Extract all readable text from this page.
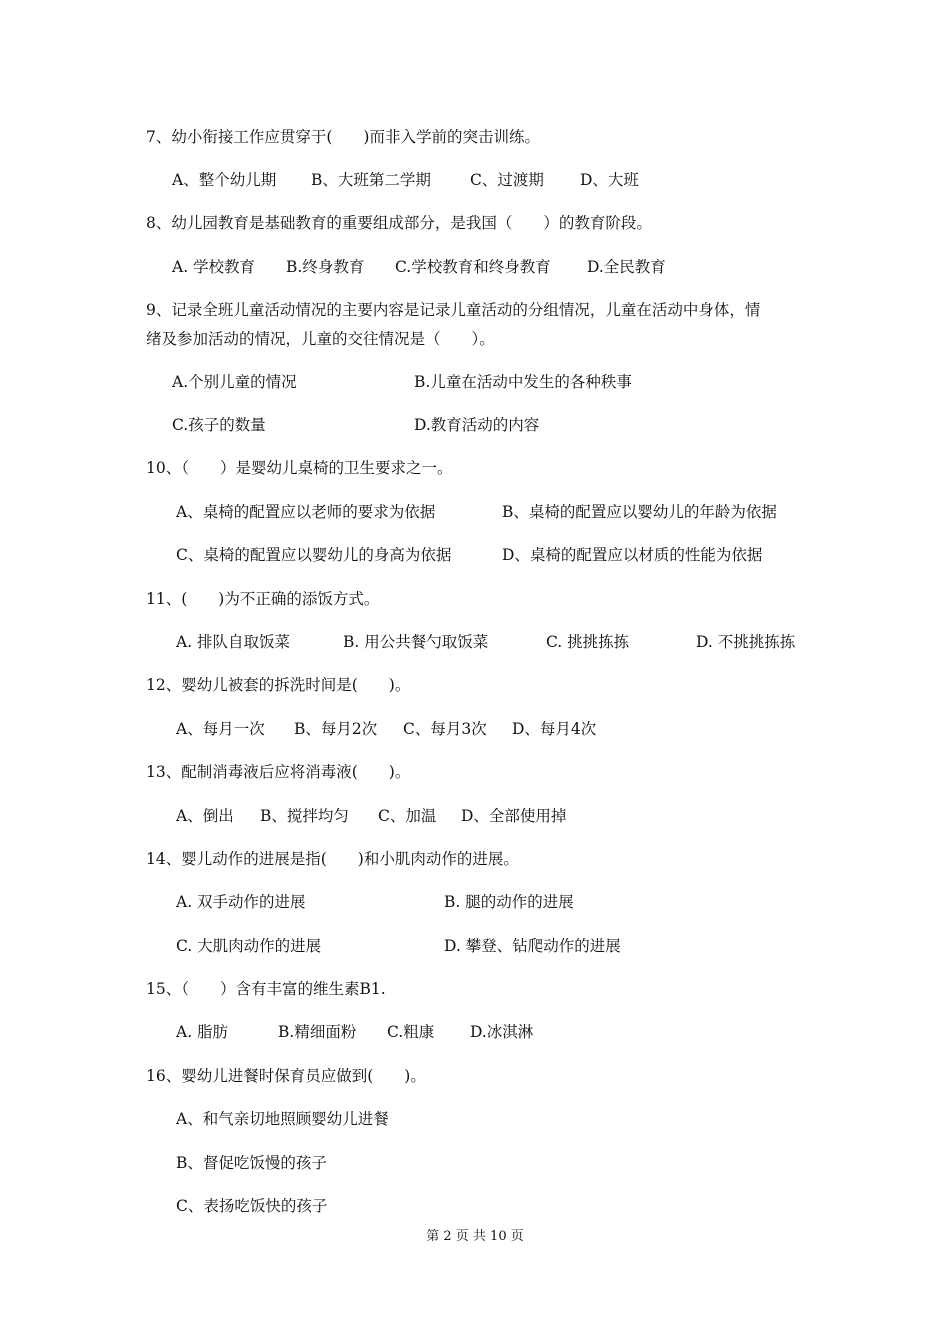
7、幼小衔接工作应贯穿于(　　)而非入学前的突击训练。
A、整个幼儿期 B、大班第二学期	C、过渡期 D、大班
8、幼儿园教育是基础教育的重要组成部分，是我国（　　）的教育阶段。
A. 学校教育 B.终身教育 C.学校教育和终身教育 D.全民教育
9、记录全班儿童活动情况的主要内容是记录儿童活动的分组情况，儿童在活动中身体，情
绪及参加活动的情况，儿童的交往情况是（　　）。
A.个别儿童的情况	B.儿童在活动中发生的各种秩事
C.孩子的数量	D.教育活动的内容
10、（　　）是婴幼儿桌椅的卫生要求之一。
A、桌椅的配置应以老师的要求为依据	B、桌椅的配置应以婴幼儿的年龄为依据
C、桌椅的配置应以婴幼儿的身高为依据	D、桌椅的配置应以材质的性能为依据
11、(　　)为不正确的添饭方式。
A. 排队自取饭菜	B. 用公共餐勺取饭菜	C. 挑挑拣拣	D. 不挑挑拣拣
12、婴幼儿被套的拆洗时间是(　　)。
A、每月一次 B、每月2次 C、每月3次 D、每月4次
13、配制消毒液后应将消毒液(　　)。
A、倒出 B、搅拌均匀 C、加温 D、全部使用掉
14、婴儿动作的进展是指(　　)和小肌肉动作的进展。
A. 双手动作的进展	B. 腿的动作的进展
C. 大肌肉动作的进展	D. 攀登、钻爬动作的进展
15、（　　）含有丰富的维生素B1.
A. 脂肪	B.精细面粉 C.粗康 D.冰淇淋
16、婴幼儿进餐时保育员应做到(　　)。
A、和气亲切地照顾婴幼儿进餐
B、督促吃饭慢的孩子
C、表扬吃饭快的孩子
第 2 页 共 10 页
